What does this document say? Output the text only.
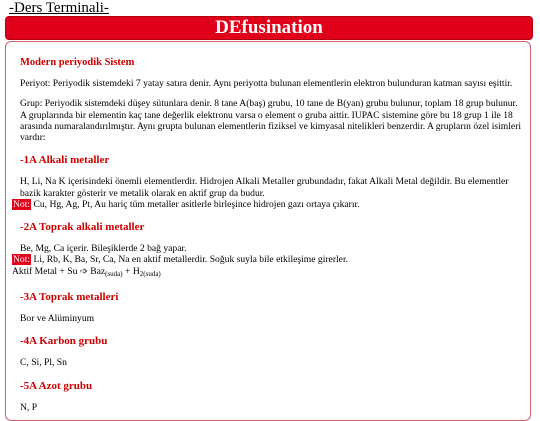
-Ders Terminali-
DEfusination
Modern periyodik Sistem

Periyot: Periyodik sistemdeki 7 yatay satıra denir. Aynı periyotta bulunan elementlerin elektron bulunduran katman sayısı eşittir.

Grup: Periyodik sistemdeki düşey sütunlara denir. 8 tane A(baş) grubu, 10 tane de B(yan) grubu bulunur, toplam 18 grup bulunur. A gruplarında bir elementin kaç tane değerlik elektronu varsa o element o gruba aittir. IUPAC sistemine göre bu 18 grup 1 ile 18 arasında numaralandırılmıştır. Aynı grupta bulunan elementlerin fiziksel ve kimyasal nitelikleri benzerdir. A grupların özel isimleri vardır:

-1A Alkali metaller

H, Li, Na K içerisindeki önemli elementlerdir. Hidrojen Alkali Metaller grubundadır, fakat Alkali Metal değildir. Bu elementler bazik karakter gösterir ve metalik olarak en aktif grup da budur.

Not: Cu, Hg, Ag, Pt, Au hariç tüm metaller asitlerle birleşince hidrojen gazı ortaya çıkarır.

-2A Toprak alkali metaller

Be, Mg, Ca içerir. Bileşiklerde 2 bağ yapar.

Not: Li, Rb, K, Ba, Sr, Ca, Na en aktif metallerdir. Soğuk suyla bile etkileşime girerler.

Aktif Metal + Su ➩ $Baz_{(suda)} + H_{2(suda)}$

-3A Toprak metalleri

Bor ve Alüminyum

-4A Karbon grubu

C, Si, Pl, Sn

-5A Azot grubu

N, P
